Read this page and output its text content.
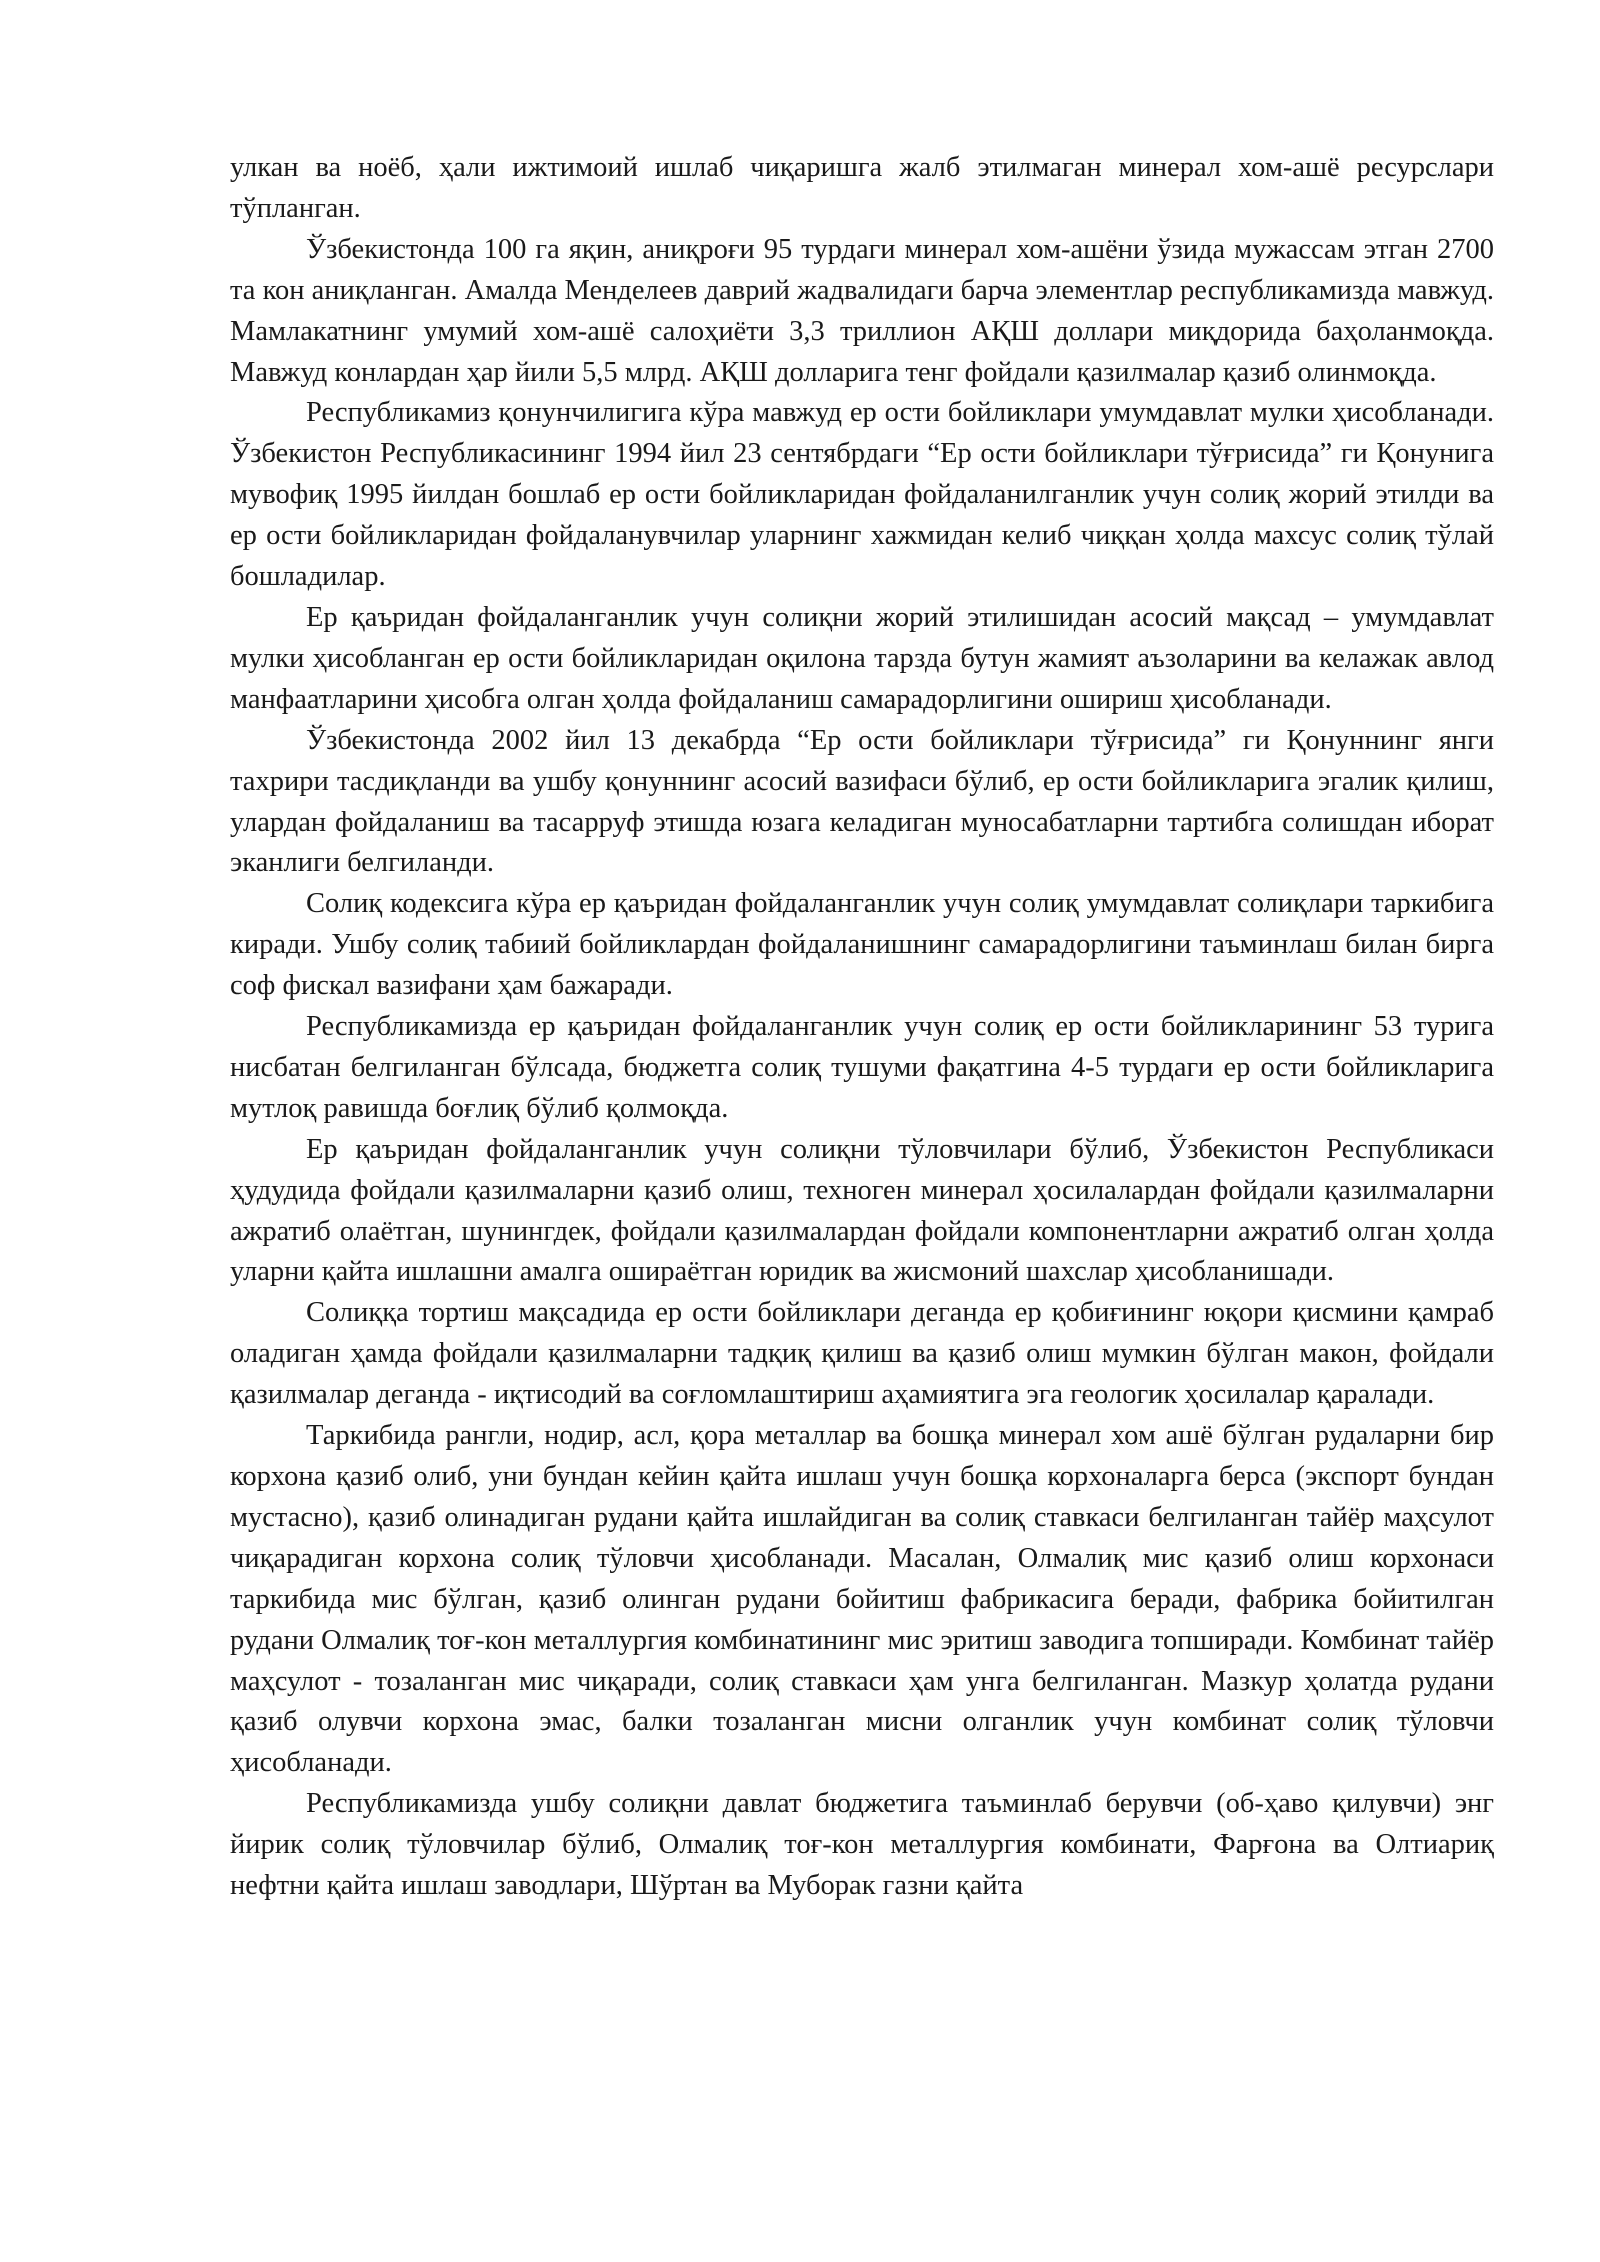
улкан ва ноёб, ҳали ижтимоий ишлаб чиқаришга жалб этилмаган минерал хом-ашё ресурслари тўпланган.

Ўзбекистонда 100 га яқин, аниқроғи 95 турдаги минерал хом-ашёни ўзида мужассам этган 2700 та кон аниқланган. Амалда Менделеев даврий жадвалидаги барча элементлар республикамизда мавжуд. Мамлакатнинг умумий хом-ашё салоҳиёти 3,3 триллион АҚШ доллари миқдорида баҳоланмоқда. Мавжуд конлардан ҳар йили 5,5 млрд. АҚШ долларига тенг фойдали қазилмалар қазиб олинмоқда.

Республикамиз қонунчилигига кўра мавжуд ер ости бойликлари умумдавлат мулки ҳисобланади. Ўзбекистон Республикасининг 1994 йил 23 сентябрдаги “Ер ости бойликлари тўғрисида” ги Қонунига мувофиқ 1995 йилдан бошлаб ер ости бойликларидан фойдаланилганлик учун солиқ жорий этилди ва ер ости бойликларидан фойдаланувчилар уларнинг хажмидан келиб чиққан ҳолда махсус солиқ тўлай бошладилар.

Ер қаъридан фойдаланганлик учун солиқни жорий этилишидан асосий мақсад – умумдавлат мулки ҳисобланган ер ости бойликларидан оқилона тарзда бутун жамият аъзоларини ва келажак авлод манфаатларини ҳисобга олган ҳолда фойдаланиш самарадорлигини ошириш ҳисобланади.

Ўзбекистонда 2002 йил 13 декабрда “Ер ости бойликлари тўғрисида” ги Қонуннинг янги тахрири тасдиқланди ва ушбу қонуннинг асосий вазифаси бўлиб, ер ости бойликларига эгалик қилиш, улардан фойдаланиш ва тасарруф этишда юзага келадиган муносабатларни тартибга солишдан иборат эканлиги белгиланди.

Солиқ кодексига кўра ер қаъридан фойдаланганлик учун солиқ умумдавлат солиқлари таркибига киради. Ушбу солиқ табиий бойликлардан фойдаланишнинг самарадорлигини таъминлаш билан бирга соф фискал вазифани ҳам бажаради.

Республикамизда ер қаъридан фойдаланганлик учун солиқ ер ости бойликларининг 53 турига нисбатан белгиланган бўлсада, бюджетга солиқ тушуми фақатгина 4-5 турдаги ер ости бойликларига мутлоқ равишда боғлиқ бўлиб қолмоқда.

Ер қаъридан фойдаланганлик учун солиқни тўловчилари бўлиб, Ўзбекистон Республикаси ҳудудида фойдали қазилмаларни қазиб олиш, техноген минерал ҳосилалардан фойдали қазилмаларни ажратиб олаётган, шунингдек, фойдали қазилмалардан фойдали компонентларни ажратиб олган ҳолда уларни қайта ишлашни амалга ошираётган юридик ва жисмоний шахслар ҳисобланишади.

Солиққа тортиш мақсадида ер ости бойликлари деганда ер қобиғининг юқори қисмини қамраб оладиган ҳамда фойдали қазилмаларни тадқиқ қилиш ва қазиб олиш мумкин бўлган макон, фойдали қазилмалар деганда - иқтисодий ва соғломлаштириш аҳамиятига эга геологик ҳосилалар қаралади.

Таркибида рангли, нодир, асл, қора металлар ва бошқа минерал хом ашё бўлган рудаларни бир корхона қазиб олиб, уни бундан кейин қайта ишлаш учун бошқа корхоналарга берса (экспорт бундан мустасно), қазиб олинадиган рудани қайта ишлайдиган ва солиқ ставкаси белгиланган тайёр маҳсулот чиқарадиган корхона солиқ тўловчи ҳисобланади. Масалан, Олмалиқ мис қазиб олиш корхонаси таркибида мис бўлган, қазиб олинган рудани бойитиш фабрикасига беради, фабрика бойитилган рудани Олмалиқ тоғ-кон металлургия комбинатининг мис эритиш заводига топширади. Комбинат тайёр маҳсулот - тозаланган мис чиқаради, солиқ ставкаси ҳам унга белгиланган. Мазкур ҳолатда рудани қазиб олувчи корхона эмас, балки тозаланган мисни олганлик учун комбинат солиқ тўловчи ҳисобланади.

Республикамизда ушбу солиқни давлат бюджетига таъминлаб берувчи (об-ҳаво қилувчи) энг йирик солиқ тўловчилар бўлиб, Олмалиқ тоғ-кон металлургия комбинати, Фарғона ва Олтиариқ нефтни қайта ишлаш заводлари, Шўртан ва Муборак газни қайта
